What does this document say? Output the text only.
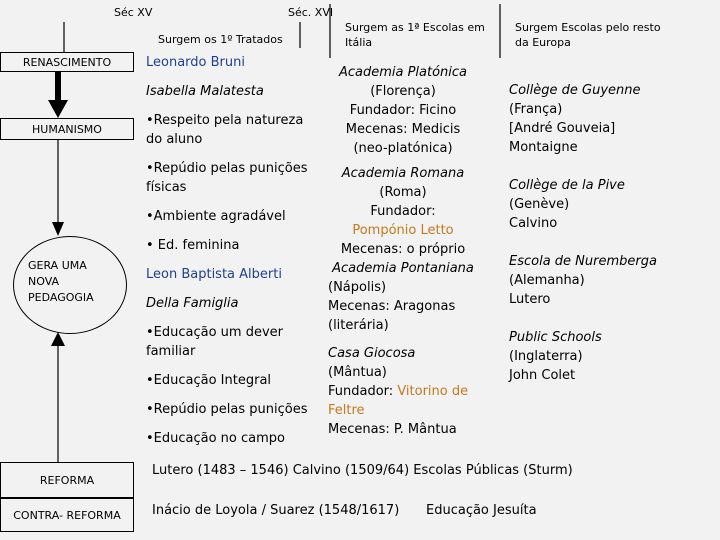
Séc XV	Séc. XVI
Surgem os 1º Tratados
Surgem as 1ª Escolas em
Itália
Surgem Escolas pelo resto
da Europa
RENASCIMENTO
HUMANISMO
GERA UMA
NOVA
PEDAGOGIA
REFORMA
CONTRA- REFORMA
Leonardo Bruni
Isabella Malatesta
•Respeito pela natureza
do aluno
•Repúdio pelas punições
físicas
•Ambiente agradável
• Ed. feminina
Leon Baptista Alberti
Della Famiglia
•Educação um dever
familiar
•Educação Integral
•Repúdio pelas punições
•Educação no campo
Academia Platónica
(Florença)
Fundador: Ficino
Mecenas: Medicis
(neo-platónica)
Academia Romana
(Roma)
Fundador:
Pompónio Letto
Mecenas: o próprio
Academia Pontaniana
(Nápolis)
Mecenas: Aragonas
(literária)
Casa Giocosa
(Mântua)
Fundador: Vitorino de
Feltre
Mecenas: P. Mântua
Collège de Guyenne
(França)
[André Gouveia]
Montaigne
Collège de la Pive
(Genève)
Calvino
Escola de Nuremberga
(Alemanha)
Lutero
Public Schools
(Inglaterra)
John Colet
Lutero (1483 – 1546) Calvino (1509/64) Escolas Públicas (Sturm)
Inácio de Loyola / Suarez (1548/1617) Educação Jesuíta
